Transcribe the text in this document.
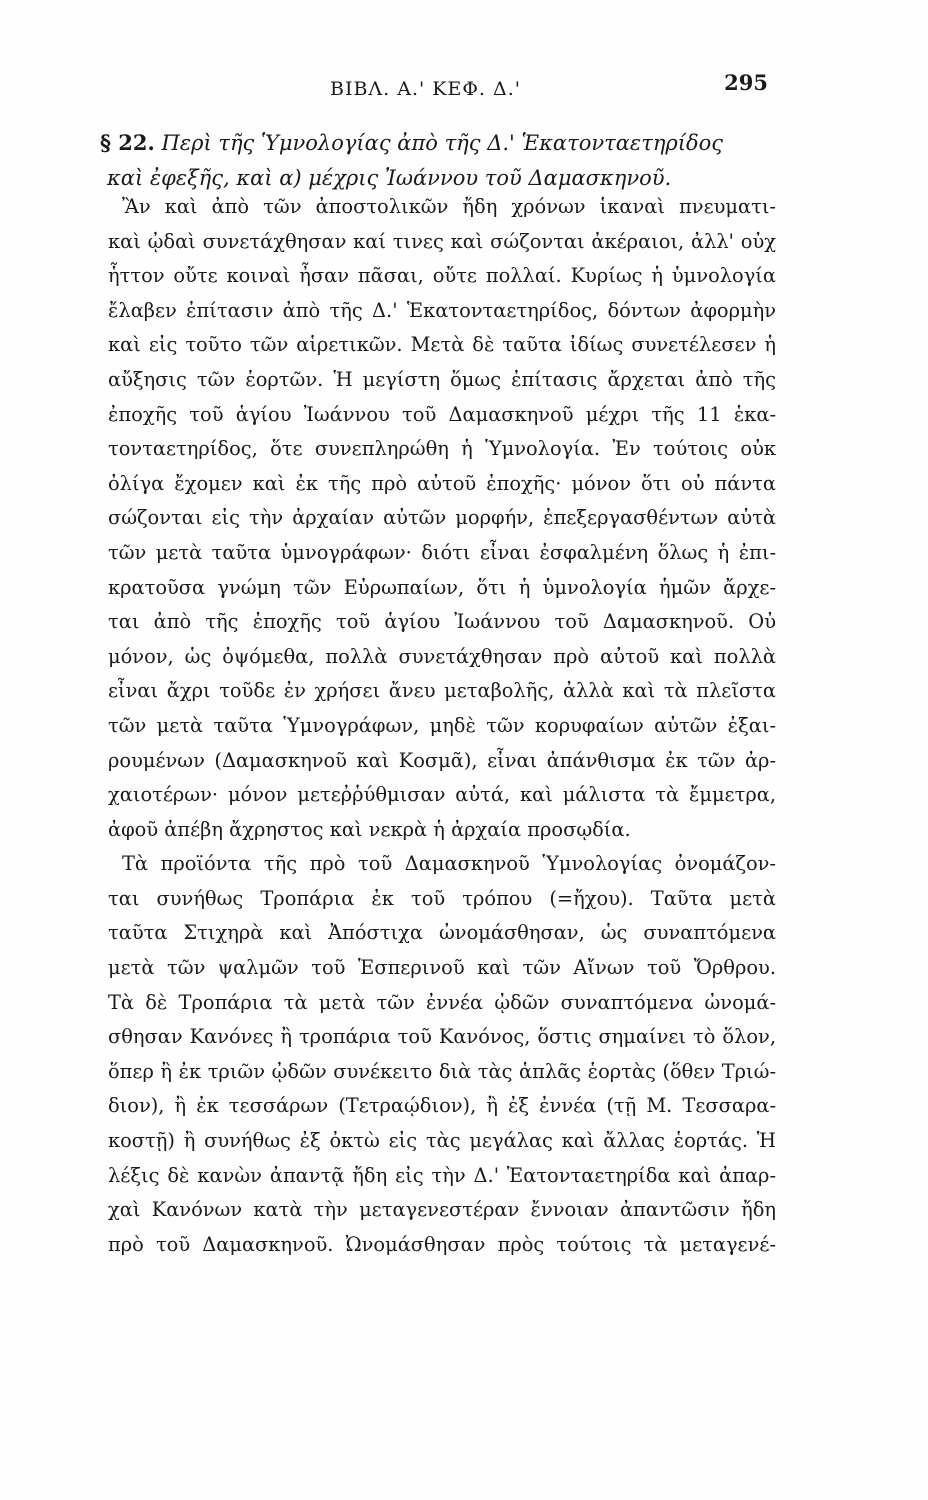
ΒΙΒΛ. Α.' ΚΕΦ. Δ.'	295
§ 22. Περὶ τῆς Ὑμνολογίας ἀπὸ τῆς Δ.' Ἑκατονταετηρίδος
καὶ ἐφεξῆς, καὶ α) μέχρις Ἰωάννου τοῦ Δαμασκηνοῦ.
Ἂν καὶ ἀπὸ τῶν ἀποστολικῶν ἤδη χρόνων ἱκαναὶ πνευματι-
καὶ ᾠδαὶ συνετάχθησαν καί τινες καὶ σώζονται ἀκέραιοι, ἀλλ' οὐχ
ἧττον οὔτε κοιναὶ ἦσαν πᾶσαι, οὔτε πολλαί. Κυρίως ἡ ὑμνολογία
ἔλαβεν ἐπίτασιν ἀπὸ τῆς Δ.' Ἑκατονταετηρίδος, δόντων ἀφορμὴν
καὶ εἰς τοῦτο τῶν αἱρετικῶν. Μετὰ δὲ ταῦτα ἰδίως συνετέλεσεν ἡ
αὔξησις τῶν ἑορτῶν. Ἡ μεγίστη ὅμως ἐπίτασις ἄρχεται ἀπὸ τῆς
ἐποχῆς τοῦ ἁγίου Ἰωάννου τοῦ Δαμασκηνοῦ μέχρι τῆς 11 ἑκα-
τονταετηρίδος, ὅτε συνεπληρώθη ἡ Ὑμνολογία. Ἐν τούτοις οὐκ
ὀλίγα ἔχομεν καὶ ἐκ τῆς πρὸ αὐτοῦ ἐποχῆς· μόνον ὅτι οὐ πάντα
σώζονται εἰς τὴν ἀρχαίαν αὐτῶν μορφήν, ἐπεξεργασθέντων αὐτὰ
τῶν μετὰ ταῦτα ὑμνογράφων· διότι εἶναι ἐσφαλμένη ὅλως ἡ ἐπι-
κρατοῦσα γνώμη τῶν Εὐρωπαίων, ὅτι ἡ ὑμνολογία ἡμῶν ἄρχε-
ται ἀπὸ τῆς ἐποχῆς τοῦ ἁγίου Ἰωάννου τοῦ Δαμασκηνοῦ. Οὐ
μόνον, ὡς ὀψόμεθα, πολλὰ συνετάχθησαν πρὸ αὐτοῦ καὶ πολλὰ
εἶναι ἄχρι τοῦδε ἐν χρήσει ἄνευ μεταβολῆς, ἀλλὰ καὶ τὰ πλεῖστα
τῶν μετὰ ταῦτα Ὑμνογράφων, μηδὲ τῶν κορυφαίων αὐτῶν ἐξαι-
ρουμένων (Δαμασκηνοῦ καὶ Κοσμᾶ), εἶναι ἀπάνθισμα ἐκ τῶν ἀρ-
χαιοτέρων· μόνον μετεῤῥύθμισαν αὐτά, καὶ μάλιστα τὰ ἔμμετρα,
ἀφοῦ ἀπέβη ἄχρηστος καὶ νεκρὰ ἡ ἀρχαία προσῳδία.
Τὰ προϊόντα τῆς πρὸ τοῦ Δαμασκηνοῦ Ὑμνολογίας ὀνομάζον-
ται συνήθως Τροπάρια ἐκ τοῦ τρόπου (=ἤχου). Ταῦτα μετὰ
ταῦτα Στιχηρὰ καὶ Ἀπόστιχα ὠνομάσθησαν, ὡς συναπτόμενα
μετὰ τῶν ψαλμῶν τοῦ Ἑσπερινοῦ καὶ τῶν Αἴνων τοῦ Ὄρθρου.
Τὰ δὲ Τροπάρια τὰ μετὰ τῶν ἐννέα ᾠδῶν συναπτόμενα ὠνομά-
σθησαν Κανόνες ἢ τροπάρια τοῦ Κανόνος, ὅστις σημαίνει τὸ ὅλον,
ὅπερ ἢ ἐκ τριῶν ᾠδῶν συνέκειτο διὰ τὰς ἁπλᾶς ἑορτὰς (ὅθεν Τριώ-
διον), ἢ ἐκ τεσσάρων (Τετραῴδιον), ἢ ἐξ ἐννέα (τῇ Μ. Τεσσαρα-
κοστῇ) ἢ συνήθως ἐξ ὀκτὼ εἰς τὰς μεγάλας καὶ ἄλλας ἑορτάς. Ἡ
λέξις δὲ κανὼν ἀπαντᾷ ἤδη εἰς τὴν Δ.' Ἑατονταετηρίδα καὶ ἀπαρ-
χαὶ Κανόνων κατὰ τὴν μεταγενεστέραν ἔννοιαν ἀπαντῶσιν ἤδη
πρὸ τοῦ Δαμασκηνοῦ. Ὠνομάσθησαν πρὸς τούτοις τὰ μεταγενέ-
